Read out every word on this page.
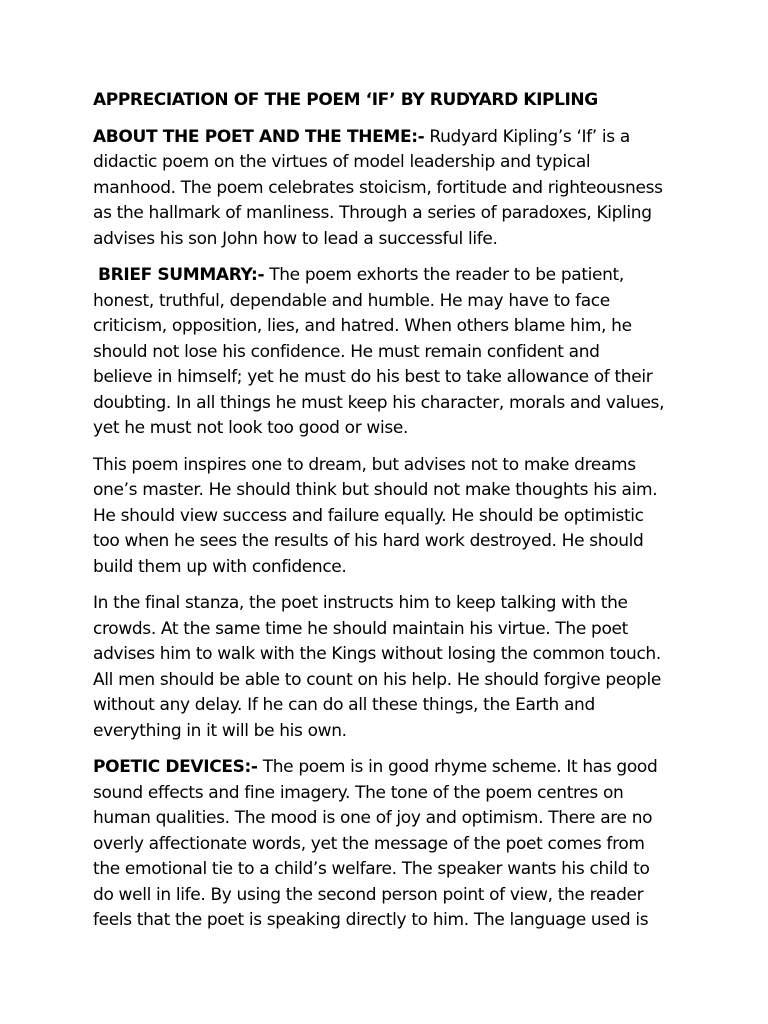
APPRECIATION OF THE POEM ‘IF’ BY RUDYARD KIPLING

ABOUT THE POET AND THE THEME:- Rudyard Kipling’s ‘If’ is a
didactic poem on the virtues of model leadership and typical
manhood. The poem celebrates stoicism, fortitude and righteousness
as the hallmark of manliness. Through a series of paradoxes, Kipling
advises his son John how to lead a successful life.

BRIEF SUMMARY:- The poem exhorts the reader to be patient,
honest, truthful, dependable and humble. He may have to face
criticism, opposition, lies, and hatred. When others blame him, he
should not lose his confidence. He must remain confident and
believe in himself; yet he must do his best to take allowance of their
doubting. In all things he must keep his character, morals and values,
yet he must not look too good or wise.

This poem inspires one to dream, but advises not to make dreams
one’s master. He should think but should not make thoughts his aim.
He should view success and failure equally. He should be optimistic
too when he sees the results of his hard work destroyed. He should
build them up with confidence.

In the final stanza, the poet instructs him to keep talking with the
crowds. At the same time he should maintain his virtue. The poet
advises him to walk with the Kings without losing the common touch.
All men should be able to count on his help. He should forgive people
without any delay. If he can do all these things, the Earth and
everything in it will be his own.

POETIC DEVICES:- The poem is in good rhyme scheme. It has good
sound effects and fine imagery. The tone of the poem centres on
human qualities. The mood is one of joy and optimism. There are no
overly affectionate words, yet the message of the poet comes from
the emotional tie to a child’s welfare. The speaker wants his child to
do well in life. By using the second person point of view, the reader
feels that the poet is speaking directly to him. The language used is
